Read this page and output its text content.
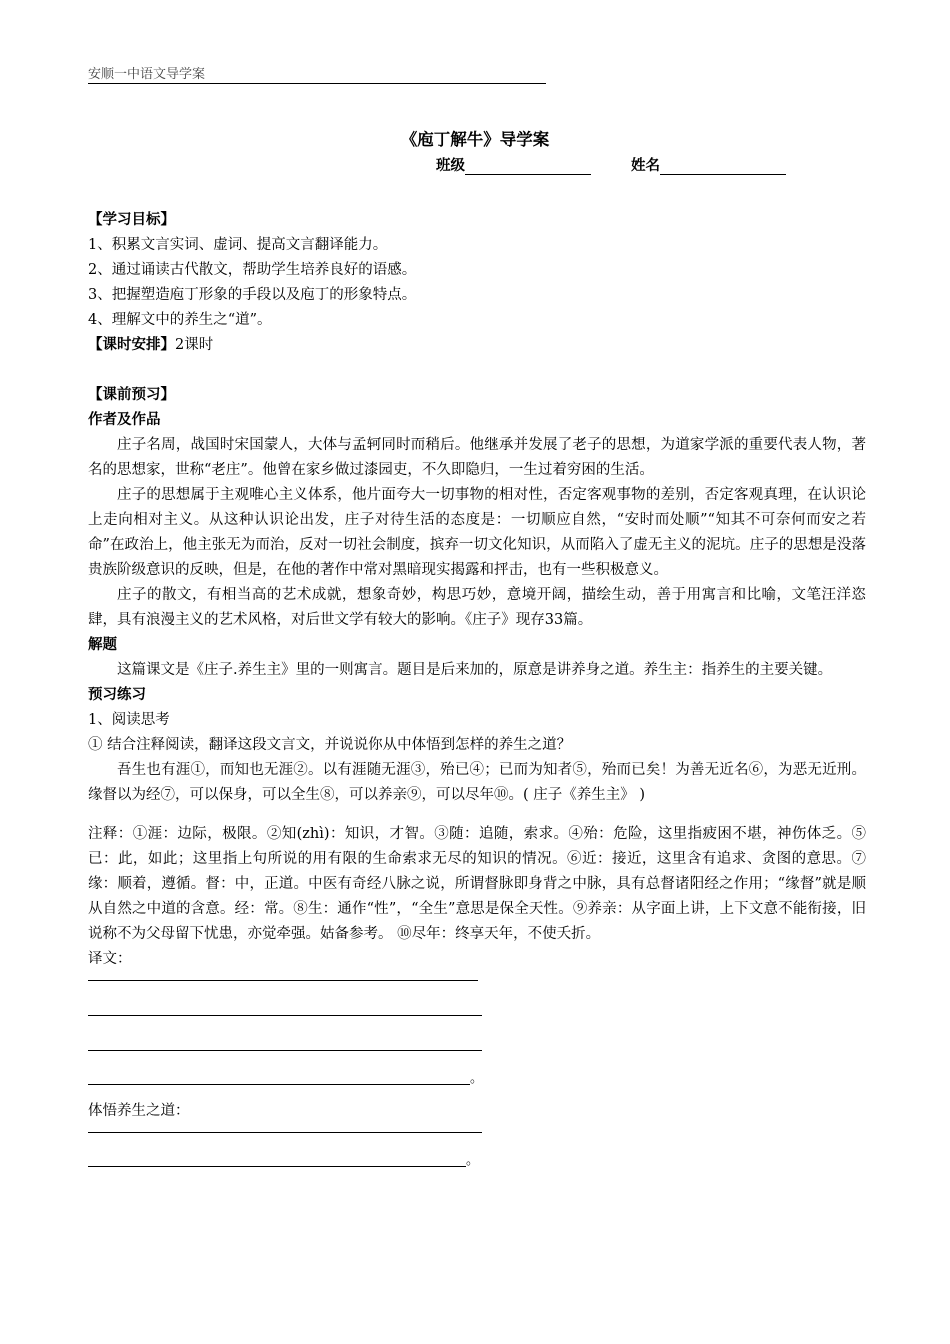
安顺一中语文导学案
《庖丁解牛》导学案
班级	姓名

【学习目标】

1、积累文言实词、虚词、提高文言翻译能力。

2、通过诵读古代散文，帮助学生培养良好的语感。

3、把握塑造庖丁形象的手段以及庖丁的形象特点。

4、理解文中的养生之“道”。

【课时安排】2课时

【课前预习】

作者及作品

庄子名周，战国时宋国蒙人，大体与孟轲同时而稍后。他继承并发展了老子的思想，为道家学派的重要代表人物，著名的思想家，世称“老庄”。他曾在家乡做过漆园吏，不久即隐归，一生过着穷困的生活。

庄子的思想属于主观唯心主义体系，他片面夸大一切事物的相对性，否定客观事物的差别，否定客观真理，在认识论上走向相对主义。从这种认识论出发，庄子对待生活的态度是：一切顺应自然，“安时而处顺”“知其不可奈何而安之若命”在政治上，他主张无为而治，反对一切社会制度，摈弃一切文化知识，从而陷入了虚无主义的泥坑。庄子的思想是没落贵族阶级意识的反映，但是，在他的著作中常对黑暗现实揭露和抨击，也有一些积极意义。

庄子的散文，有相当高的艺术成就，想象奇妙，构思巧妙，意境开阔，描绘生动，善于用寓言和比喻，文笔汪洋恣肆，具有浪漫主义的艺术风格，对后世文学有较大的影响。《庄子》现存33篇。

解题

这篇课文是《庄子.养生主》里的一则寓言。题目是后来加的，原意是讲养身之道。养生主：指养生的主要关键。

预习练习

1、阅读思考

① 结合注释阅读，翻译这段文言文，并说说你从中体悟到怎样的养生之道？

吾生也有涯①，而知也无涯②。以有涯随无涯③，殆已④；已而为知者⑤，殆而已矣！为善无近名⑥，为恶无近刑。缘督以为经⑦，可以保身，可以全生⑧，可以养亲⑨，可以尽年⑩。( 庄子《养生主》 )

注释：①涯：边际，极限。②知(zhì)：知识，才智。③随：追随，索求。④殆：危险，这里指疲困不堪，神伤体乏。⑤已：此，如此；这里指上句所说的用有限的生命索求无尽的知识的情况。⑥近：接近，这里含有追求、贪图的意思。⑦缘：顺着，遵循。督：中，正道。中医有奇经八脉之说，所谓督脉即身背之中脉，具有总督诸阳经之作用；“缘督”就是顺从自然之中道的含意。经：常。⑧生：通作“性”，“全生”意思是保全天性。⑨养亲：从字面上讲，上下文意不能衔接，旧说称不为父母留下忧患，亦觉牵强。姑备参考。 ⑩尽年：终享天年，不使夭折。

译文：

。

体悟养生之道：

。
